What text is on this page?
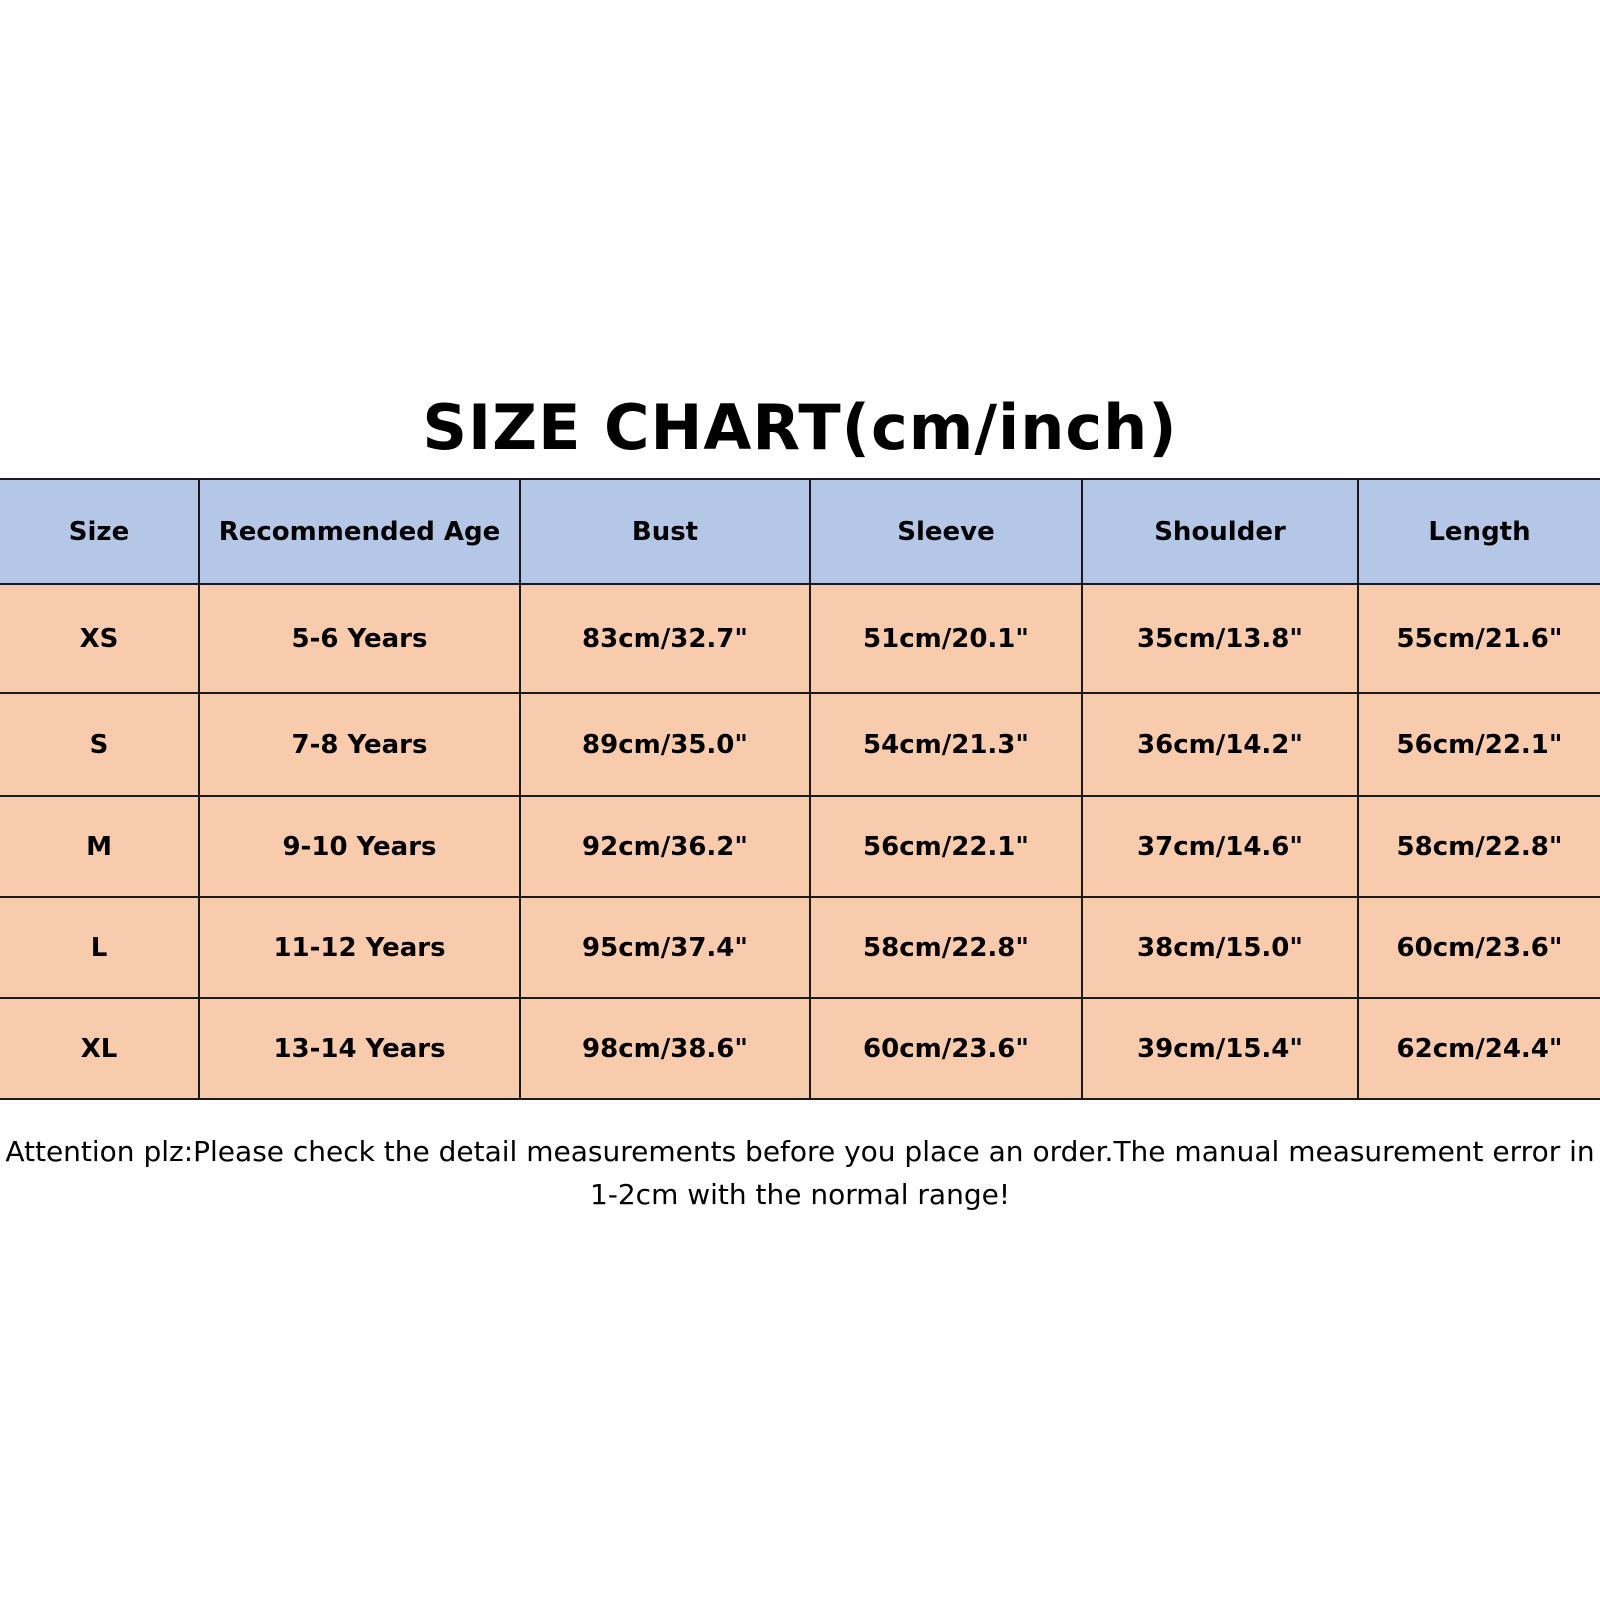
SIZE CHART(cm/inch)
Size	Recommended Age	Bust	Sleeve	Shoulder	Length
XS	5-6 Years	83cm/32.7"	51cm/20.1"	35cm/13.8"	55cm/21.6"
S	7-8 Years	89cm/35.0"	54cm/21.3"	36cm/14.2"	56cm/22.1"
M	9-10 Years	92cm/36.2"	56cm/22.1"	37cm/14.6"	58cm/22.8"
L	11-12 Years	95cm/37.4"	58cm/22.8"	38cm/15.0"	60cm/23.6"
XL	13-14 Years	98cm/38.6"	60cm/23.6"	39cm/15.4"	62cm/24.4"
Attention plz:Please check the detail measurements before you place an order.The manual measurement error in
1-2cm with the normal range!
